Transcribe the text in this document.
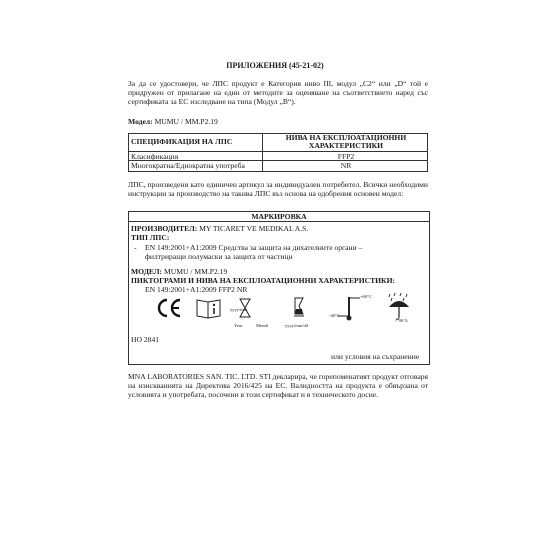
ПРИЛОЖЕНИЯ (45-21-02)
За да се удостовери, че ЛПС продукт е Категория ниво III, модул „С2“ или „D“ той е придружен от прилагане на един от методите за оценяване на съответствието наред със сертификата за ЕС изследване на типа (Модул „В“).
Модел: MUMU / MM.P2.19
СПЕЦИФИКАЦИЯ НА ЛПС	НИВА НА ЕКСПЛОАТАЦИОННИ ХАРАКТЕРИСТИКИ
Класификация	FFP2
Многократна/Еднократна употреба	NR
ЛПС, произведени като единичен артикул за индивидуален потребител. Всички необходими инструкции за производство на такива ЛПС въз основа на одобрения основен модел:
МАРКИРОВКА
ПРОИЗВОДИТЕЛ: MY TICARET VE MEDIKAL A.S.
ТИП ЛПС:
- EN 149:2001+A1:2009 Средства за защита на дихателните органи –
филтриращи полумаски за защита от частици
МОДЕЛ: MUMU / MM.P2.19
ПИКТОГРАМИ И НИВА НА ЕКСПЛОАТАЦИОННИ ХАРАКТЕРИСТИКИ:
EN 149:2001+A1:2009 FFP2 NR
yyyy/mm
Year	Month	yyyy/mm/dd
+60°C
-40°C
< 90 %
НО 2841
или условия на съхранение
MNA LABORATORIES SAN. TIC. LTD. STI декларира, че горепоменатият продукт отговаря на изискванията на Директива 2016/425 на ЕС. Валидността на продукта е обвързана от условията и употребата, посочени в този сертификат и в техническото досие.
